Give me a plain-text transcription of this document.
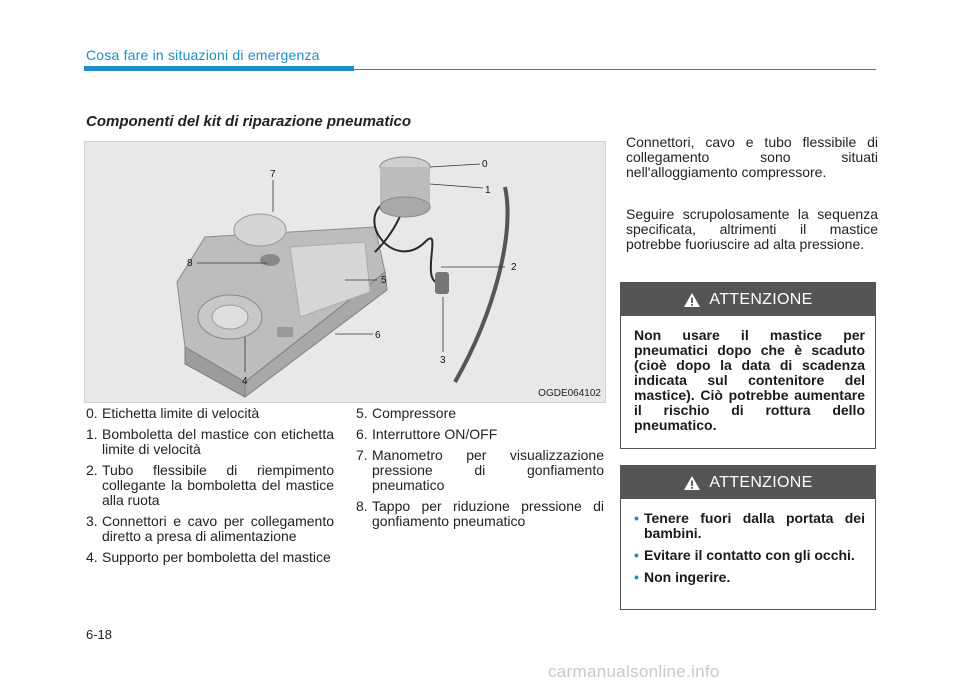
Cosa fare in situazioni di emergenza
Componenti del kit di riparazione pneumatico
0
1
2
3
4
5
6
7
8
OGDE064102
0. Etichetta limite di velocità
1. Bomboletta del mastice con etichetta limite di velocità
2. Tubo flessibile di riempimento collegante la bomboletta del mastice alla ruota
3. Connettori e cavo per collegamento diretto a presa di alimentazione
4. Supporto per bomboletta del mastice
5. Compressore
6. Interruttore ON/OFF
7. Manometro per visualizzazione pressione di gonfiamento pneumatico
8. Tappo per riduzione pressione di gonfiamento pneumatico
Connettori, cavo e tubo flessibile di collegamento sono situati nell'alloggiamento compressore.
Seguire scrupolosamente la sequenza specificata, altrimenti il mastice potrebbe fuoriuscire ad alta pressione.
ATTENZIONE
Non usare il mastice per pneumatici dopo che è scaduto (cioè dopo la data di scadenza indicata sul contenitore del mastice). Ciò potrebbe aumentare il rischio di rottura dello pneumatico.
ATTENZIONE
• Tenere fuori dalla portata dei bambini.
• Evitare il contatto con gli occhi.
• Non ingerire.
6-18
carmanualsonline.info
